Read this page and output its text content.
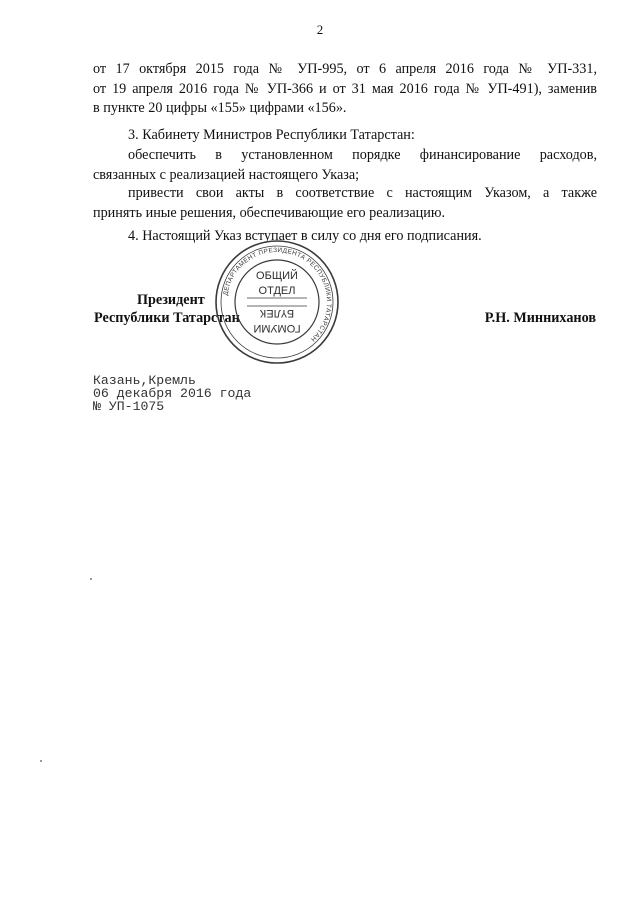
2
от 17 октября 2015 года № УП-995, от 6 апреля 2016 года № УП-331,
от 19 апреля 2016 года № УП-366 и от 31 мая 2016 года № УП-491), заменив
в пункте 20 цифры «155» цифрами «156».
3. Кабинету Министров Республики Татарстан:
обеспечить в установленном порядке финансирование расходов,
связанных с реализацией настоящего Указа;
привести свои акты в соответствие с настоящим Указом, а также
принять иные решения, обеспечивающие его реализацию.
4. Настоящий Указ вступает в силу со дня его подписания.
Президент
Республики Татарстан	Р.Н. Минниханов
ДЕПАРТАМЕНТ ПРЕЗИДЕНТА РЕСПУБЛИКИ ТАТАРСТАН
ОБЩИЙ
ОТДЕЛ
БҮЛЕК
ГОМУМИ
Казань,Кремль
06 декабря 2016 года
№ УП-1075
